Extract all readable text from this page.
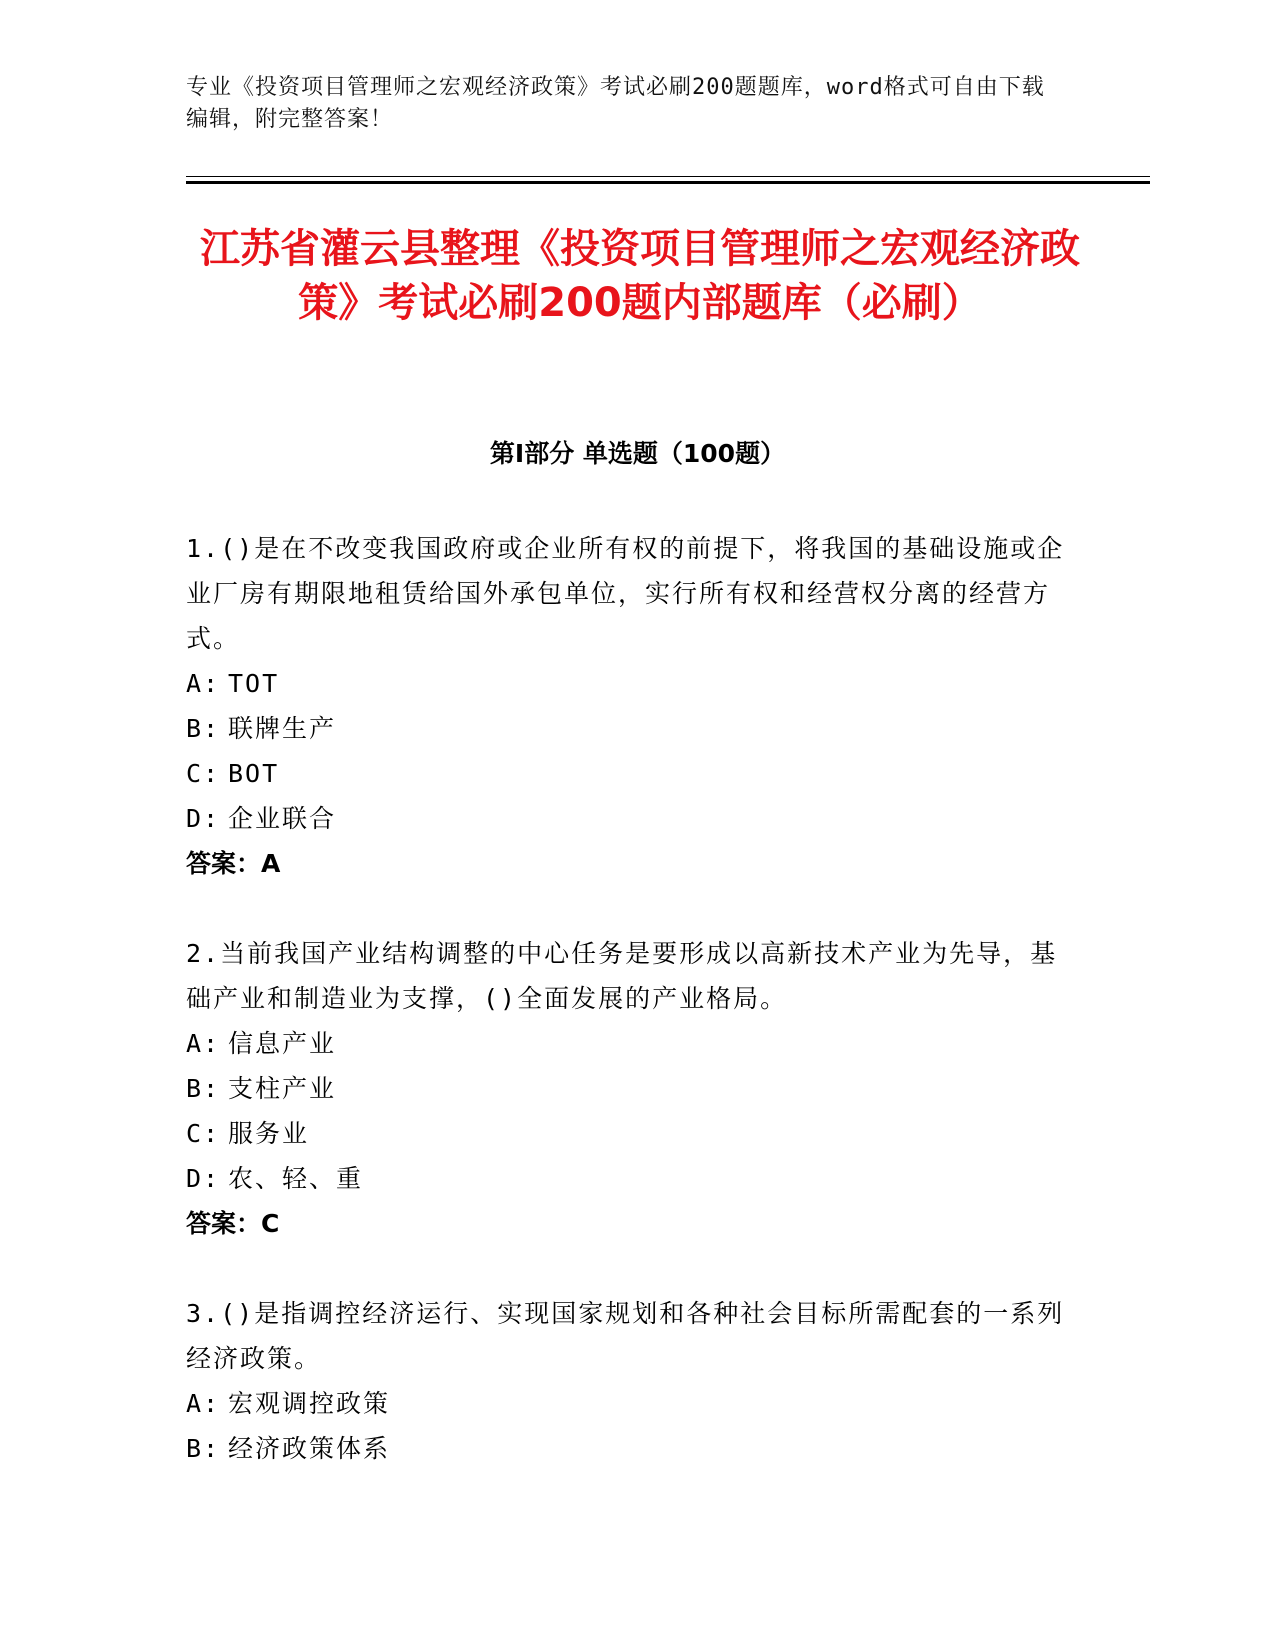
专业《投资项目管理师之宏观经济政策》考试必刷200题题库，word格式可自由下载编辑，附完整答案！
江苏省灌云县整理《投资项目管理师之宏观经济政策》考试必刷200题内部题库（必刷）
第Ⅰ部分 单选题（100题）

1.()是在不改变我国政府或企业所有权的前提下，将我国的基础设施或企业厂房有期限地租赁给国外承包单位，实行所有权和经营权分离的经营方式。

A: TOT

B: 联牌生产

C: BOT

D: 企业联合

答案：A

2.当前我国产业结构调整的中心任务是要形成以高新技术产业为先导，基础产业和制造业为支撑，()全面发展的产业格局。

A: 信息产业

B: 支柱产业

C: 服务业

D: 农、轻、重

答案：C

3.()是指调控经济运行、实现国家规划和各种社会目标所需配套的一系列经济政策。

A: 宏观调控政策

B: 经济政策体系
